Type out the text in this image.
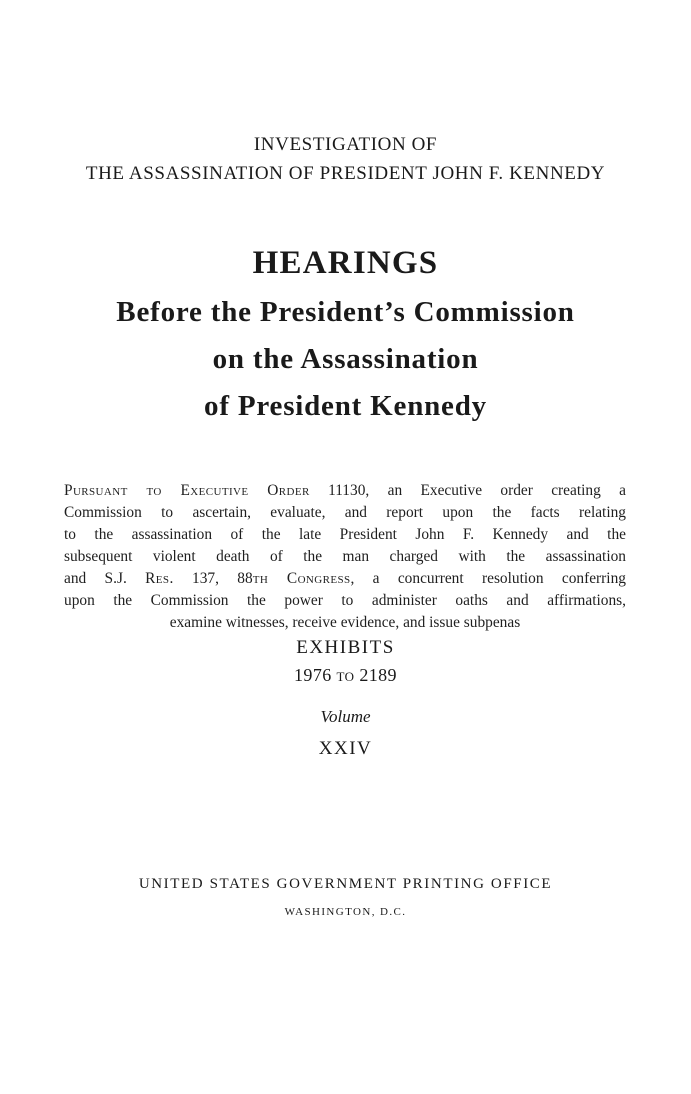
INVESTIGATION OF
THE ASSASSINATION OF PRESIDENT JOHN F. KENNEDY
HEARINGS
Before the President’s Commission
on the Assassination
of President Kennedy
Pursuant to Executive Order 11130, an Executive order creating a
Commission to ascertain, evaluate, and report upon the facts relating
to the assassination of the late President John F. Kennedy and the
subsequent violent death of the man charged with the assassination
and S.J. Res. 137, 88th Congress, a concurrent resolution conferring
upon the Commission the power to administer oaths and affirmations,
examine witnesses, receive evidence, and issue subpenas
EXHIBITS
1976 to 2189
Volume
XXIV
UNITED STATES GOVERNMENT PRINTING OFFICE
WASHINGTON, D.C.
